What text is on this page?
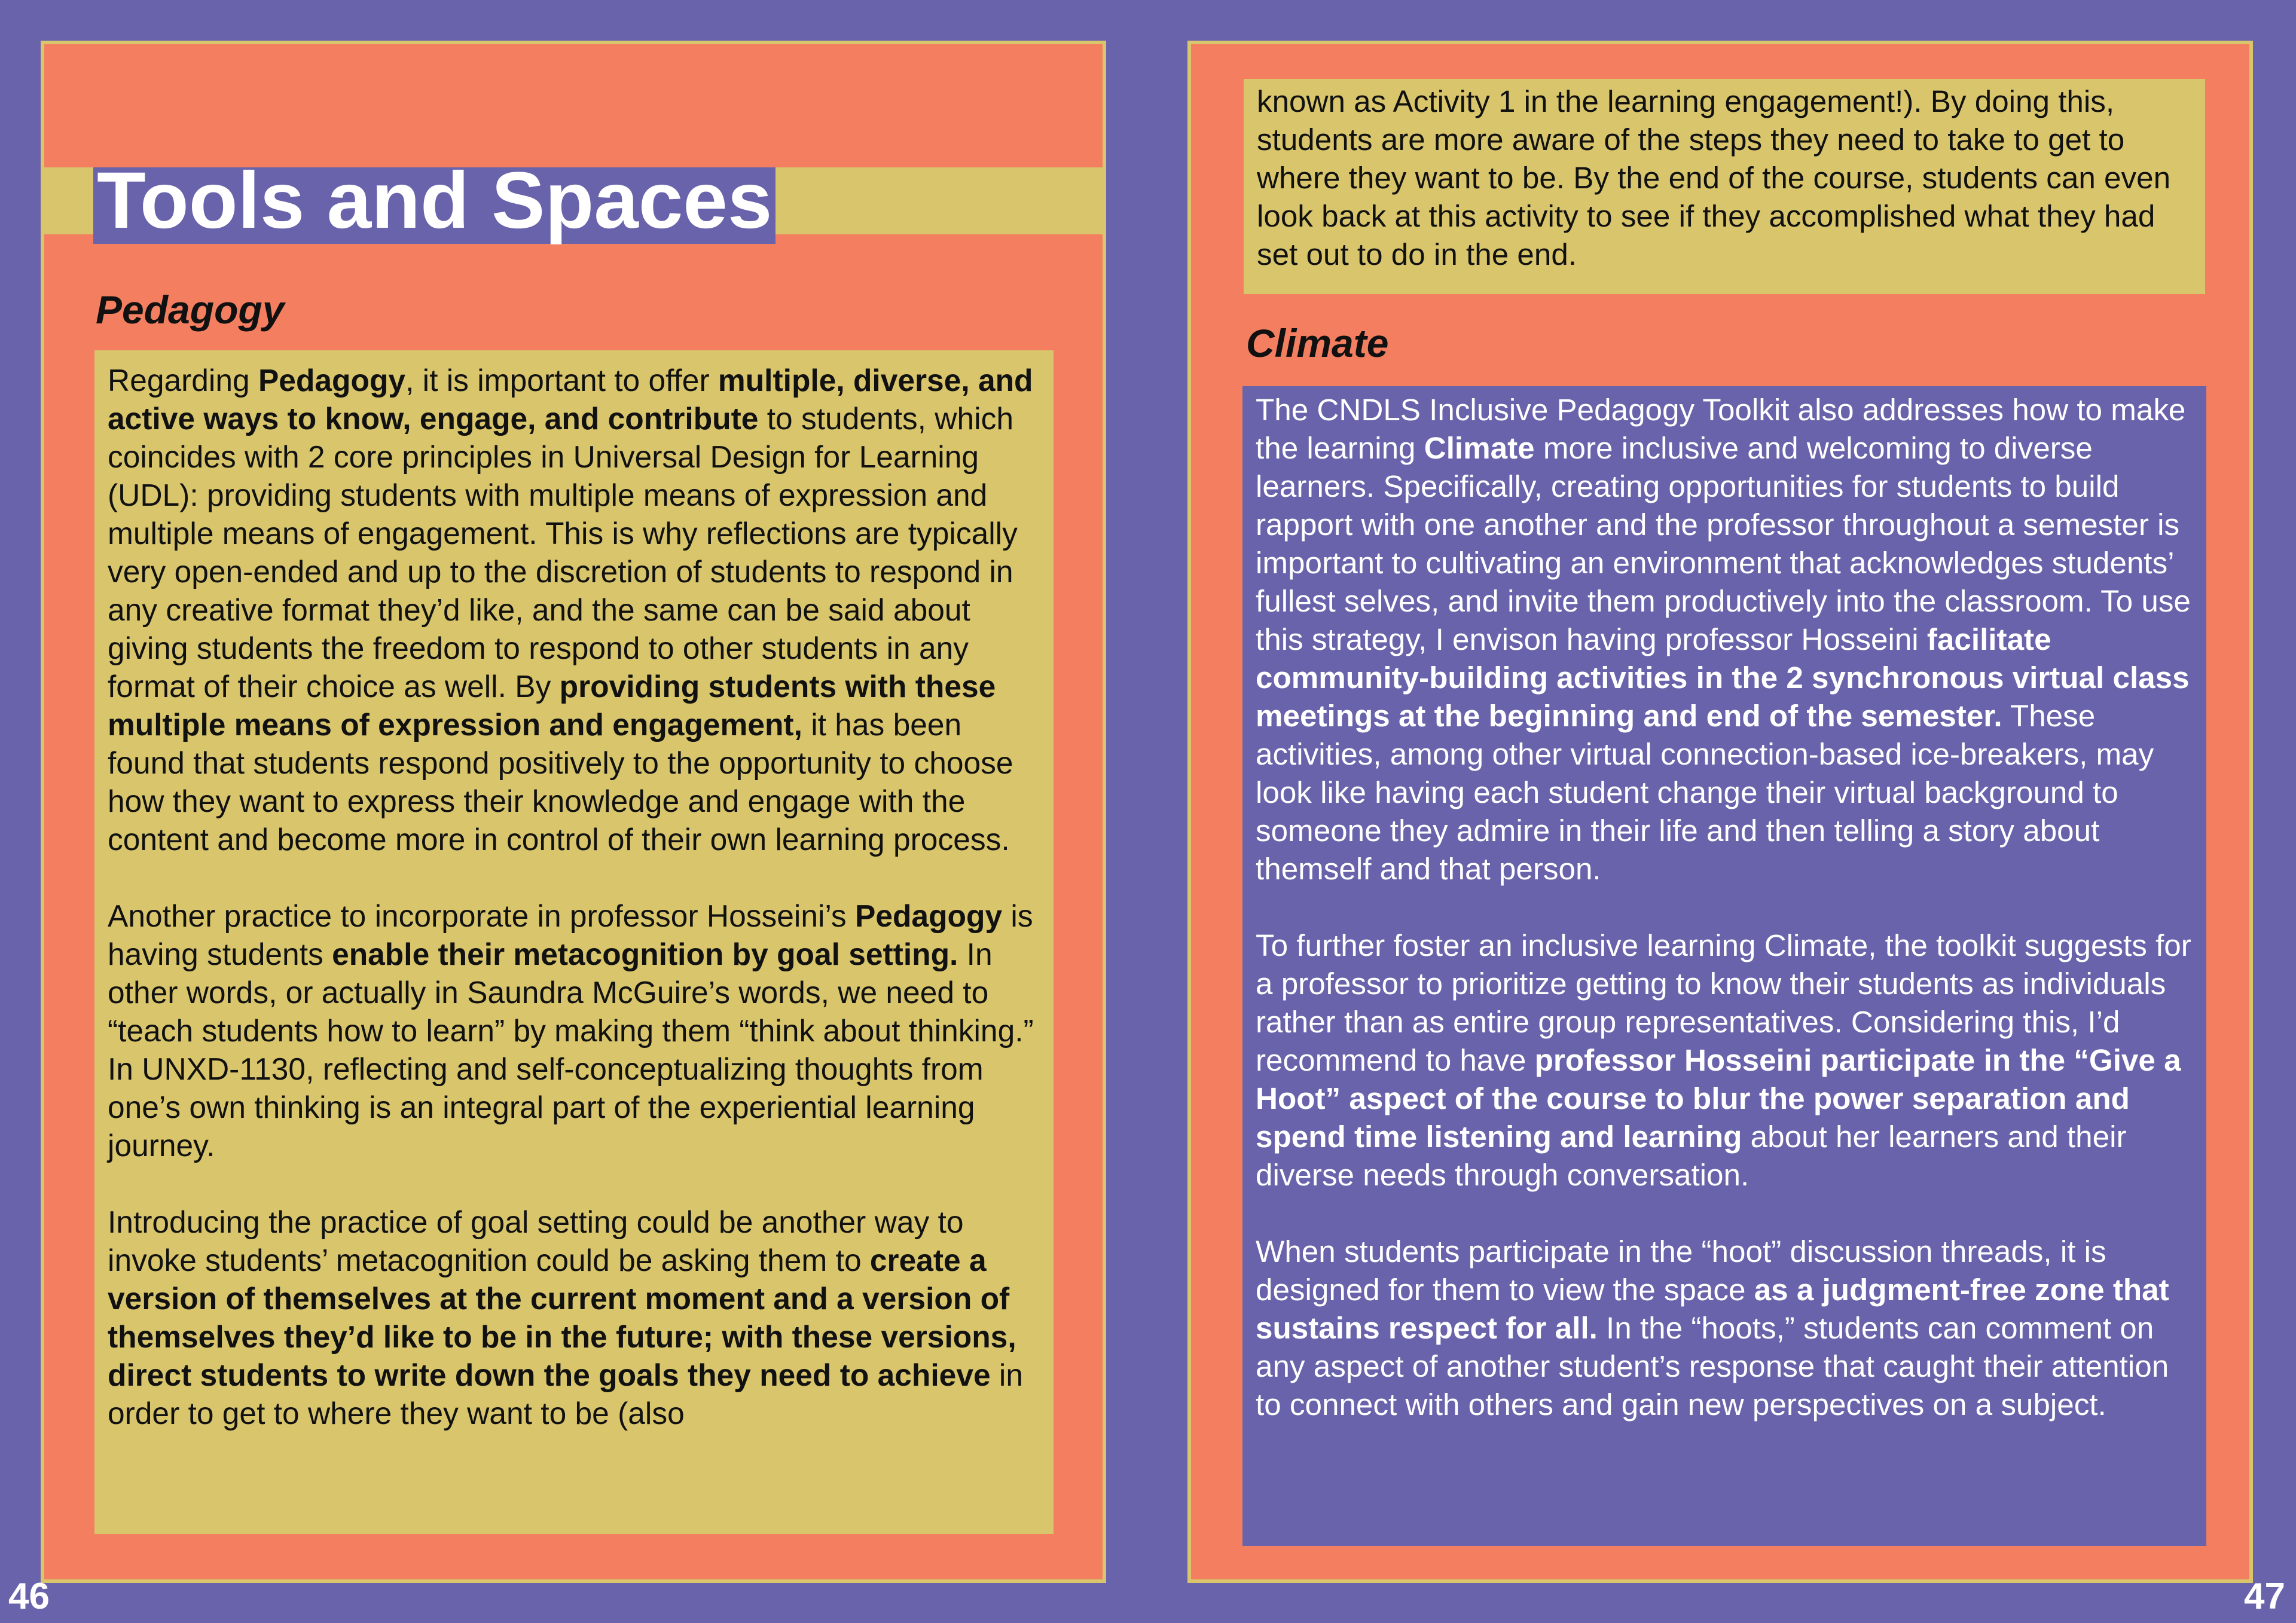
Tools and Spaces
Pedagogy

Regarding Pedagogy, it is important to offer multiple, diverse, and active ways to know, engage, and contribute to students, which coincides with 2 core principles in Universal Design for Learning (UDL): providing students with multiple means of expression and multiple means of engagement. This is why reflections are typically very open-ended and up to the discretion of students to respond in any creative format they’d like, and the same can be said about giving students the freedom to respond to other students in any format of their choice as well. By providing students with these multiple means of expression and engagement, it has been found that students respond positively to the opportunity to choose how they want to express their knowledge and engage with the content and become more in control of their own learning process.

Another practice to incorporate in professor Hosseini’s Pedagogy is having students enable their metacognition by goal setting. In other words, or actually in Saundra McGuire’s words, we need to “teach students how to learn” by making them “think about thinking.” In UNXD-1130, reflecting and self-conceptualizing thoughts from one’s own thinking is an integral part of the experiential learning journey.

Introducing the practice of goal setting could be another way to invoke students’ metacognition could be asking them to create a version of themselves at the current moment and a version of themselves they’d like to be in the future; with these versions, direct students to write down the goals they need to achieve in order to get to where they want to be (also

known as Activity 1 in the learning engagement!). By doing this, students are more aware of the steps they need to take to get to where they want to be. By the end of the course, students can even look back at this activity to see if they accomplished what they had set out to do in the end.

Climate

The CNDLS Inclusive Pedagogy Toolkit also addresses how to make the learning Climate more inclusive and welcoming to diverse learners. Specifically, creating opportunities for students to build rapport with one another and the professor throughout a semester is important to cultivating an environment that acknowledges students’ fullest selves, and invite them productively into the classroom. To use this strategy, I envison having professor Hosseini facilitate community-building activities in the 2 synchronous virtual class meetings at the beginning and end of the semester. These activities, among other virtual connection-based ice-breakers, may look like having each student change their virtual background to someone they admire in their life and then telling a story about themself and that person.

To further foster an inclusive learning Climate, the toolkit suggests for a professor to prioritize getting to know their students as individuals rather than as entire group representatives. Considering this, I’d recommend to have professor Hosseini participate in the “Give a Hoot” aspect of the course to blur the power separation and spend time listening and learning about her learners and their diverse needs through conversation.

When students participate in the “hoot” discussion threads, it is designed for them to view the space as a judgment-free zone that sustains respect for all. In the “hoots,” students can comment on any aspect of another student’s response that caught their attention to connect with others and gain new perspectives on a subject.

46	47
